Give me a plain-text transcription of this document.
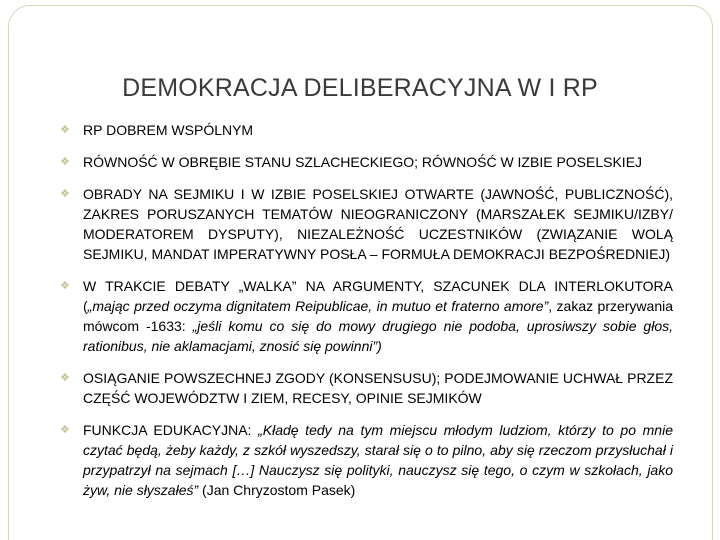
DEMOKRACJA DELIBERACYJNA W I RP
❖ RP DOBREM WSPÓLNYM
❖ RÓWNOŚĆ W OBRĘBIE STANU SZLACHECKIEGO; RÓWNOŚĆ W IZBIE POSELSKIEJ
❖ OBRADY NA SEJMIKU I W IZBIE POSELSKIEJ OTWARTE (JAWNOŚĆ, PUBLICZNOŚĆ), ZAKRES PORUSZANYCH TEMATÓW NIEOGRANICZONY (MARSZAŁEK SEJMIKU/IZBY/ MODERATOREM DYSPUTY), NIEZALEŻNOŚĆ UCZESTNIKÓW (ZWIĄZANIE WOLĄ SEJMIKU, MANDAT IMPERATYWNY POSŁA – FORMUŁA DEMOKRACJI BEZPOŚREDNIEJ)
❖ W TRAKCIE DEBATY „WALKA” NA ARGUMENTY, SZACUNEK DLA INTERLOKUTORA („mając przed oczyma dignitatem Reipublicae, in mutuo et fraterno amore”, zakaz przerywania mówcom -1633: „jeśli komu co się do mowy drugiego nie podoba, uprosiwszy sobie głos, rationibus, nie aklamacjami, znosić się powinni”)
❖ OSIĄGANIE POWSZECHNEJ ZGODY (KONSENSUSU); PODEJMOWANIE UCHWAŁ PRZEZ CZĘŚĆ WOJEWÓDZTW I ZIEM, RECESY, OPINIE SEJMIKÓW
❖ FUNKCJA EDUKACYJNA: „Kładę tedy na tym miejscu młodym ludziom, którzy to po mnie czytać będą, żeby każdy, z szkół wyszedszy, starał się o to pilno, aby się rzeczom przysłuchał i przypatrzył na sejmach […] Nauczysz się polityki, nauczysz się tego, o czym w szkołach, jako żyw, nie słyszałeś” (Jan Chryzostom Pasek)
